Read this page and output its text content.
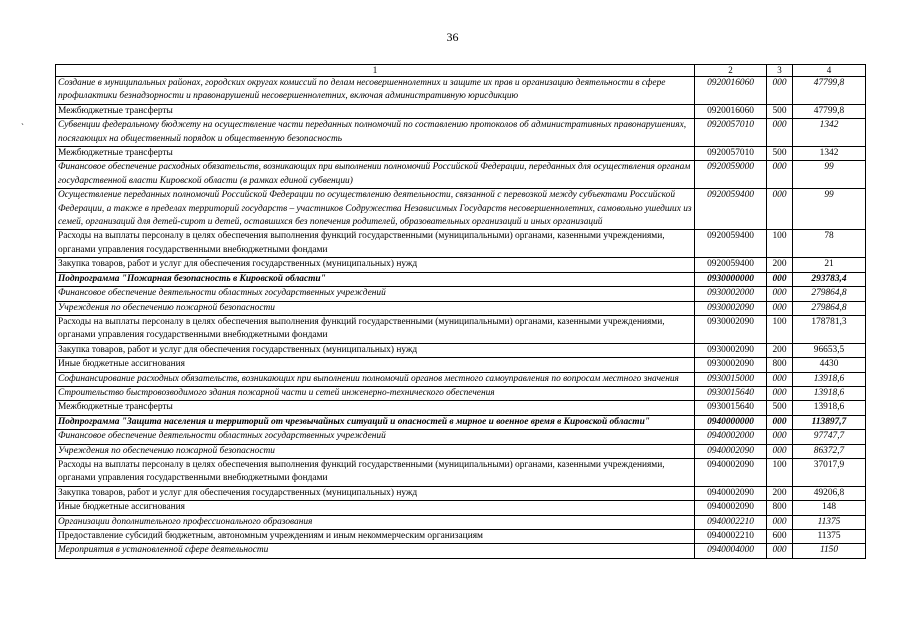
36
`
1	2	3	4
Создание в муниципальных районах, городских округах комиссий по делам несовершеннолетних и защите их прав и организацию деятельности в сфере профилактики безнадзорности и правонарушений несовершеннолетних, включая административную юрисдикцию	0920016060	000	47799,8
Межбюджетные трансферты	0920016060	500	47799,8
Субвенции федеральному бюджету на осуществление части переданных полномочий по составлению протоколов об административных правонарушениях, посягающих на общественный порядок и общественную безопасность	0920057010	000	1342
Межбюджетные трансферты	0920057010	500	1342
Финансовое обеспечение расходных обязательств, возникающих при выполнении полномочий Российской Федерации, переданных для осуществления органам государственной власти Кировской области (в рамках единой субвенции)	0920059000	000	99
Осуществление переданных полномочий Российской Федерации по осуществлению деятельности, связанной с перевозкой между субъектами Российской Федерации, а также в пределах территорий государств – участников Содружества Независимых Государств несовершеннолетних, самовольно ушедших из семей, организаций для детей-сирот и детей, оставшихся без попечения родителей, образовательных организаций и иных организаций	0920059400	000	99
Расходы на выплаты персоналу в целях обеспечения выполнения функций государственными (муниципальными) органами, казенными учреждениями, органами управления государственными внебюджетными фондами	0920059400	100	78
Закупка товаров, работ и услуг для обеспечения государственных (муниципальных) нужд	0920059400	200	21
Подпрограмма "Пожарная безопасность в Кировской области"	0930000000	000	293783,4
Финансовое обеспечение деятельности областных государственных учреждений	0930002000	000	279864,8
Учреждения по обеспечению пожарной безопасности	0930002090	000	279864,8
Расходы на выплаты персоналу в целях обеспечения выполнения функций государственными (муниципальными) органами, казенными учреждениями, органами управления государственными внебюджетными фондами	0930002090	100	178781,3
Закупка товаров, работ и услуг для обеспечения государственных (муниципальных) нужд	0930002090	200	96653,5
Иные бюджетные ассигнования	0930002090	800	4430
Софинансирование расходных обязательств, возникающих при выполнении полномочий органов местного самоуправления по вопросам местного значения	0930015000	000	13918,6
Строительство быстровозводимого здания пожарной части и сетей инженерно-технического обеспечения	0930015640	000	13918,6
Межбюджетные трансферты	0930015640	500	13918,6
Подпрограмма "Защита населения и территорий от чрезвычайных ситуаций и опасностей в мирное и военное время в Кировской области"	0940000000	000	113897,7
Финансовое обеспечение деятельности областных государственных учреждений	0940002000	000	97747,7
Учреждения по обеспечению пожарной безопасности	0940002090	000	86372,7
Расходы на выплаты персоналу в целях обеспечения выполнения функций государственными (муниципальными) органами, казенными учреждениями, органами управления государственными внебюджетными фондами	0940002090	100	37017,9
Закупка товаров, работ и услуг для обеспечения государственных (муниципальных) нужд	0940002090	200	49206,8
Иные бюджетные ассигнования	0940002090	800	148
Организации дополнительного профессионального образования	0940002210	000	11375
Предоставление субсидий бюджетным, автономным учреждениям и иным некоммерческим организациям	0940002210	600	11375
Мероприятия в установленной сфере деятельности	0940004000	000	1150
